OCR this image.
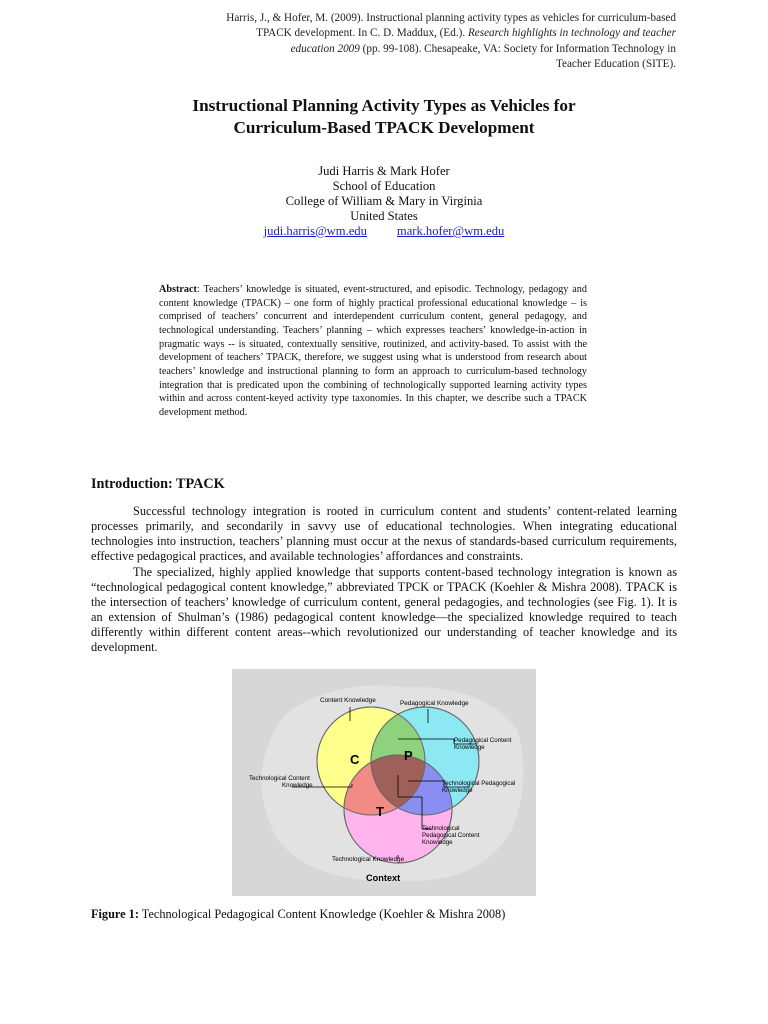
Harris, J., & Hofer, M. (2009). Instructional planning activity types as vehicles for curriculum-based
TPACK development. In C. D. Maddux, (Ed.). Research highlights in technology and teacher
education 2009 (pp. 99-108). Chesapeake, VA: Society for Information Technology in
Teacher Education (SITE).
Instructional Planning Activity Types as Vehicles for
Curriculum-Based TPACK Development
Judi Harris & Mark Hofer
School of Education
College of William & Mary in Virginia
United States
judi.harris@wm.edu mark.hofer@wm.edu
Abstract: Teachers’ knowledge is situated, event-structured, and episodic. Technology, pedagogy and content knowledge (TPACK) – one form of highly practical professional educational knowledge – is comprised of teachers’ concurrent and interdependent curriculum content, general pedagogy, and technological understanding. Teachers’ planning – which expresses teachers’ knowledge-in-action in pragmatic ways -- is situated, contextually sensitive, routinized, and activity-based. To assist with the development of teachers’ TPACK, therefore, we suggest using what is understood from research about teachers’ knowledge and instructional planning to form an approach to curriculum-based technology integration that is predicated upon the combining of technologically supported learning activity types within and across content-keyed activity type taxonomies. In this chapter, we describe such a TPACK development method.
Introduction: TPACK

Successful technology integration is rooted in curriculum content and students’ content-related learning processes primarily, and secondarily in savvy use of educational technologies. When integrating educational technologies into instruction, teachers’ planning must occur at the nexus of standards-based curriculum requirements, effective pedagogical practices, and available technologies’ affordances and constraints.

The specialized, highly applied knowledge that supports content-based technology integration is known as “technological pedagogical content knowledge,” abbreviated TPCK or TPACK (Koehler & Mishra 2008). TPACK is the intersection of teachers’ knowledge of curriculum content, general pedagogies, and technologies (see Fig. 1). It is an extension of Shulman’s (1986) pedagogical content knowledge—the specialized knowledge required to teach differently within different content areas--which revolutionized our understanding of teacher knowledge and its development.

C	P
T
Content Knowledge	Pedagogical Knowledge
Pedagogical Content
Knowledge
Technological Content
Knowledge	Technological Pedagogical
Knowledge
Technological
Pedagogical Content
Knowledge
Technological Knowledge
Context
Figure 1: Technological Pedagogical Content Knowledge (Koehler & Mishra 2008)
